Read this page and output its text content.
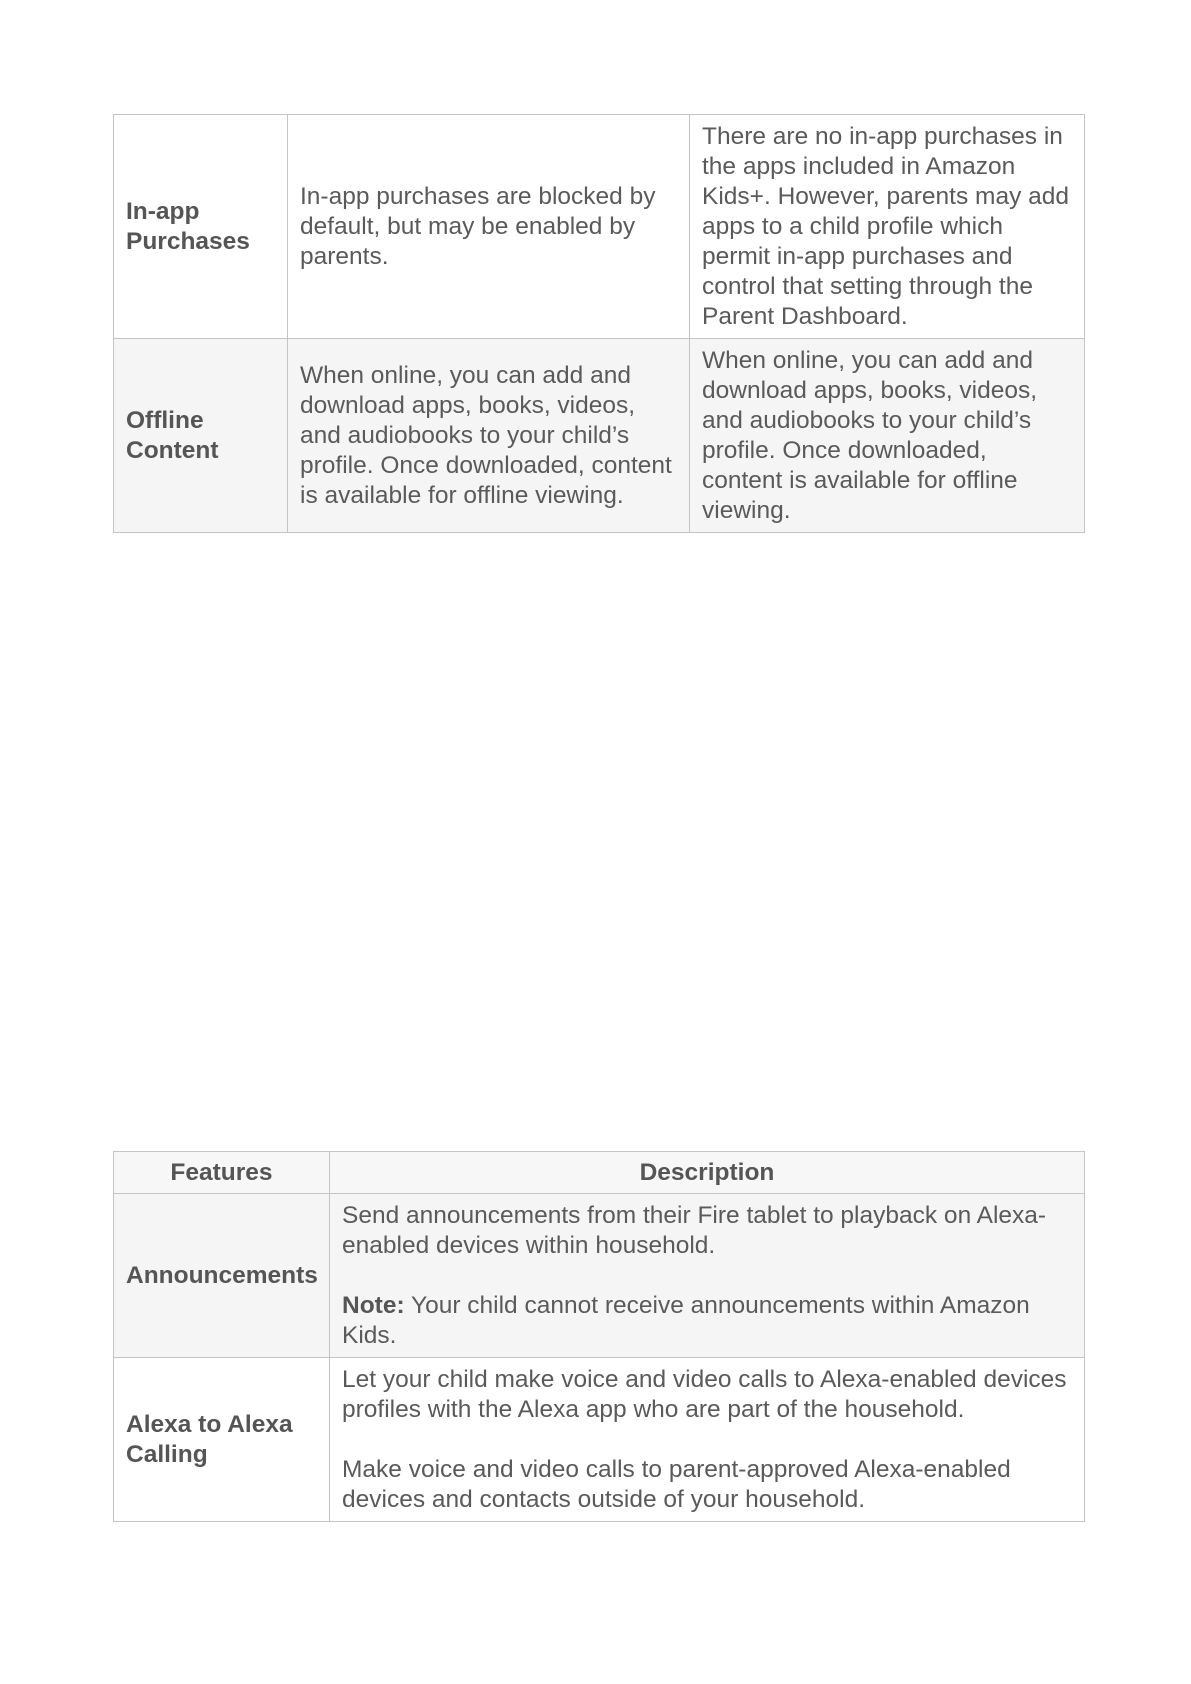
In-app Purchases	In-app purchases are blocked by default, but may be enabled by parents.	There are no in-app purchases in the apps included in Amazon Kids+. However, parents may add apps to a child profile which permit in-app purchases and control that setting through the Parent Dashboard.
Offline Content	When online, you can add and download apps, books, videos, and audiobooks to your child’s profile. Once downloaded, content is available for offline viewing.	When online, you can add and download apps, books, videos, and audiobooks to your child’s profile. Once downloaded, content is available for offline viewing.
Features	Description
Announcements	Send announcements from their Fire tablet to playback on Alexa-enabled devices within household.
Note: Your child cannot receive announcements within Amazon Kids.

Alexa to Alexa Calling	Let your child make voice and video calls to Alexa-enabled devices profiles with the Alexa app who are part of the household.
Make voice and video calls to parent-approved Alexa-enabled devices and contacts outside of your household.
